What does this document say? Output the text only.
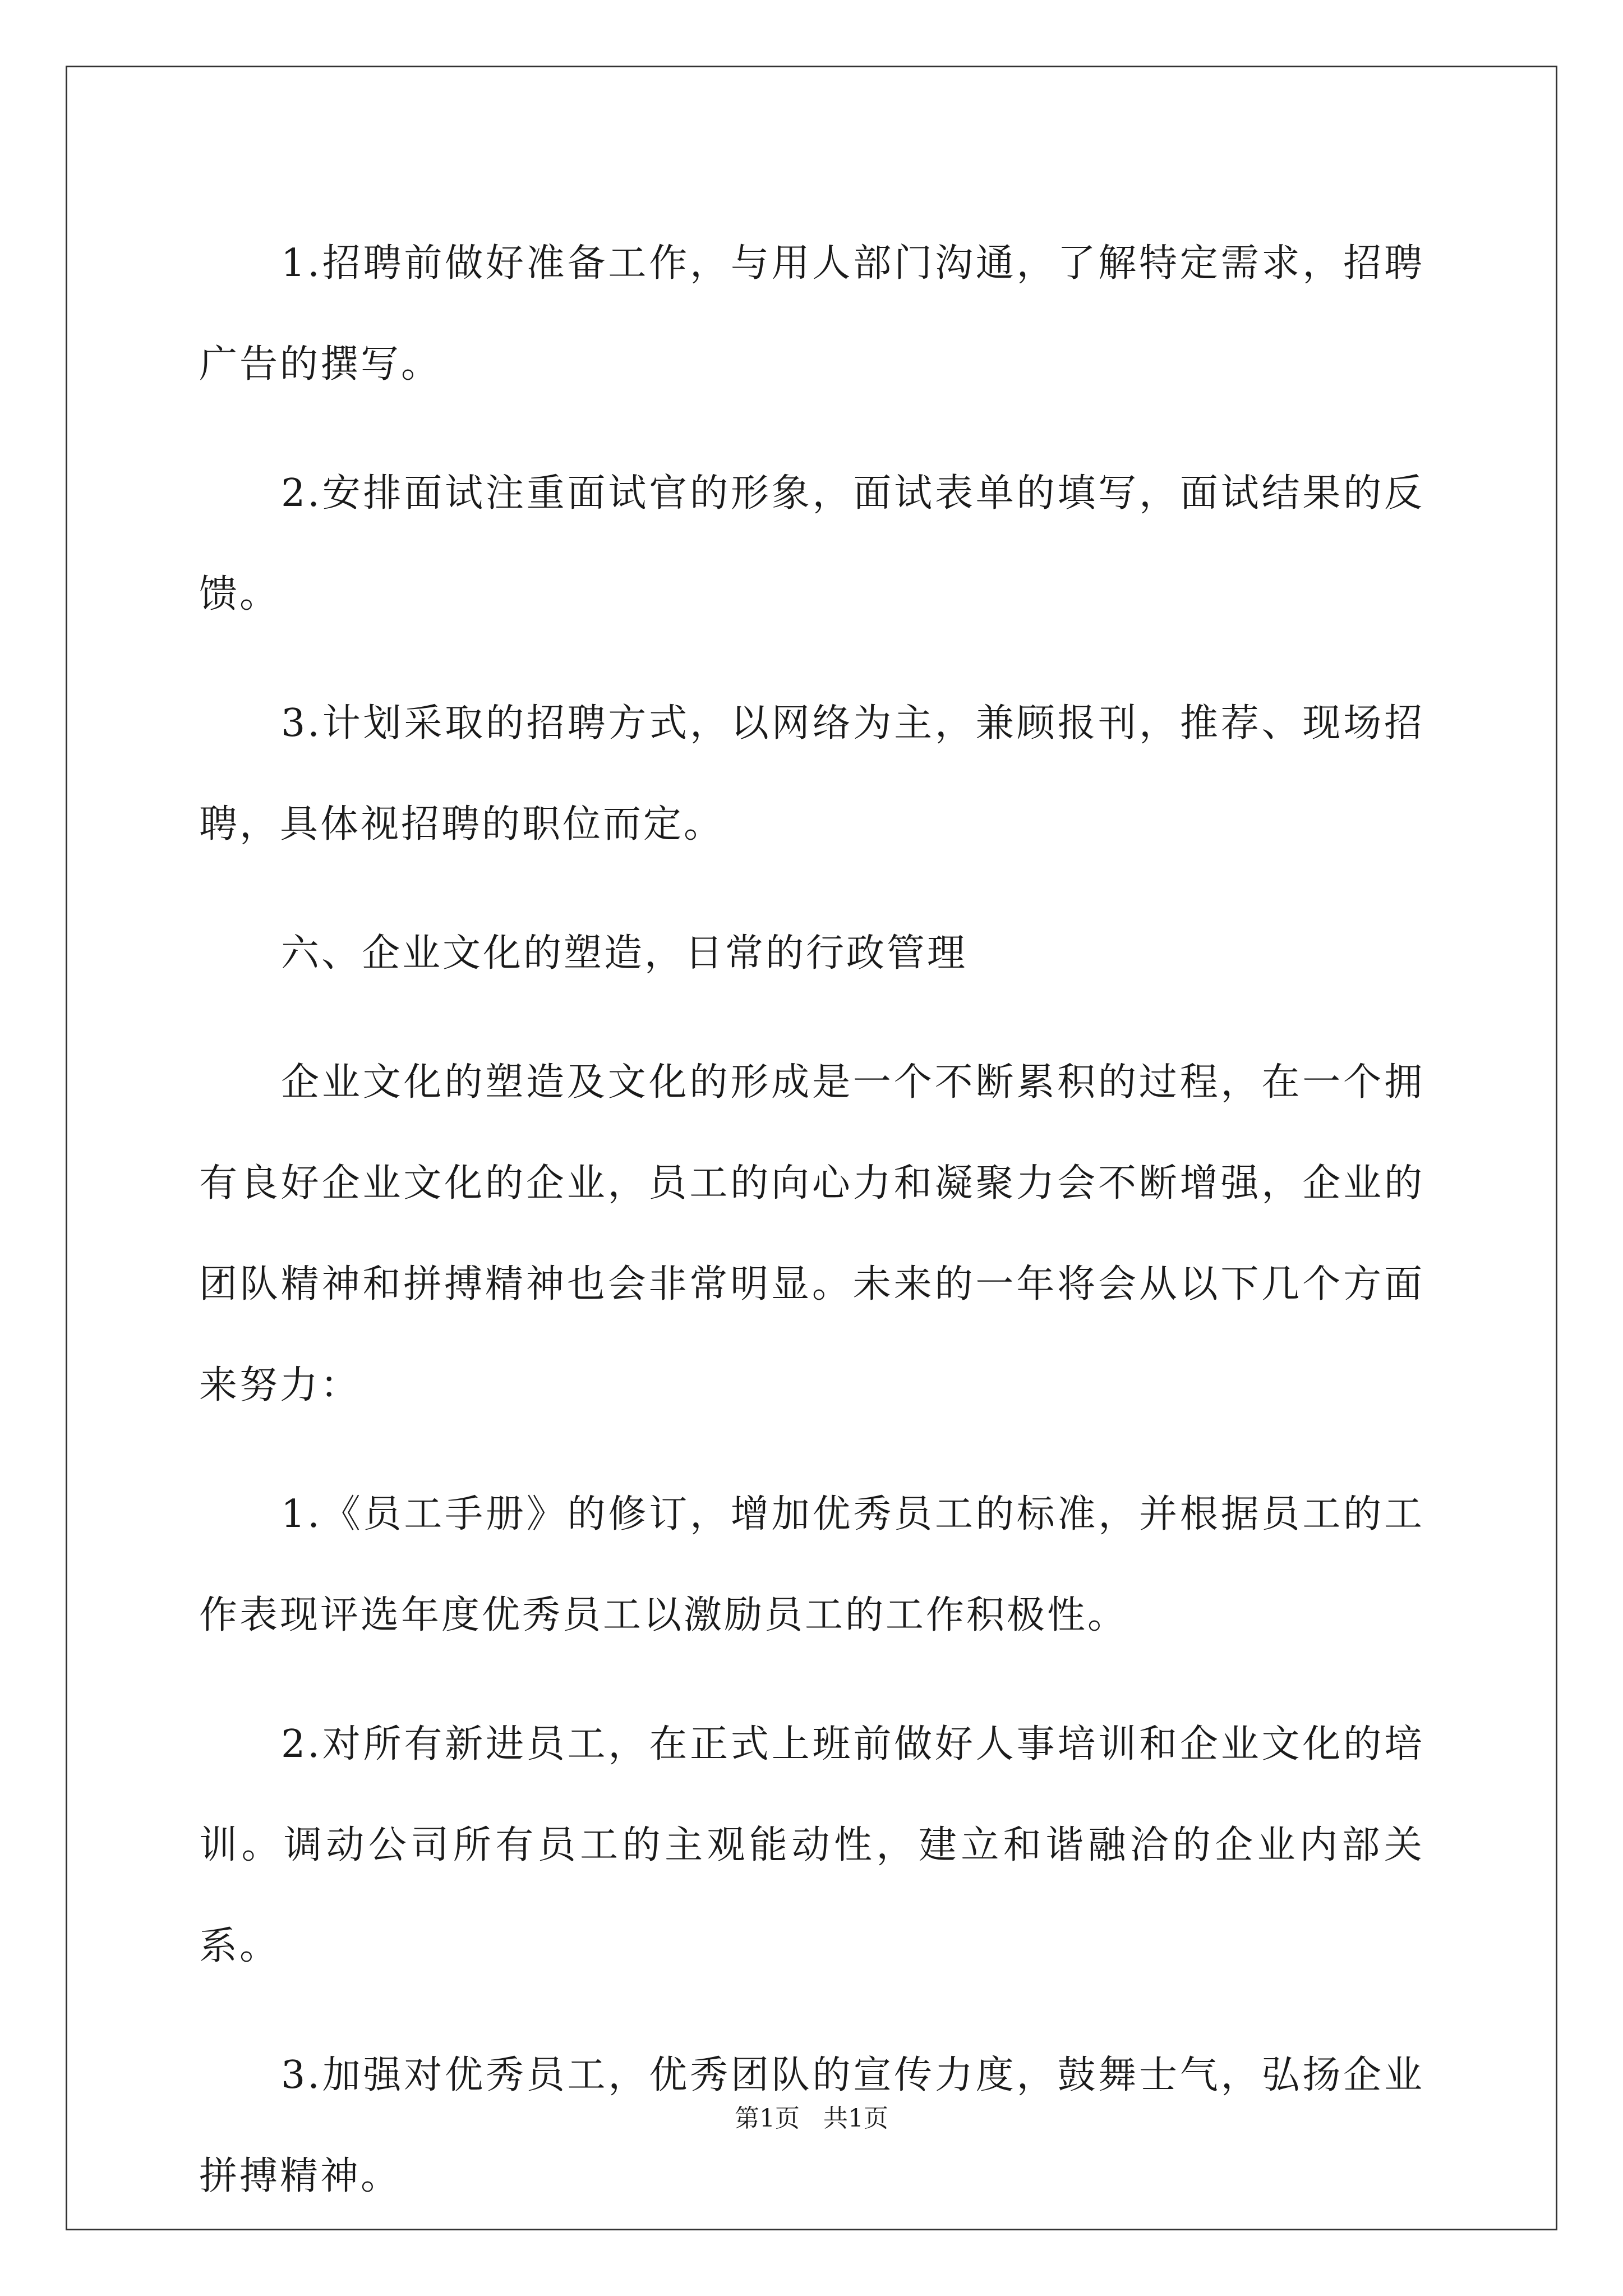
1.招聘前做好准备工作，与用人部门沟通，了解特定需求，招聘广告的撰写。

2.安排面试注重面试官的形象，面试表单的填写，面试结果的反馈。

3.计划采取的招聘方式，以网络为主，兼顾报刊，推荐、现场招聘，具体视招聘的职位而定。

六、企业文化的塑造，日常的行政管理

企业文化的塑造及文化的形成是一个不断累积的过程，在一个拥有良好企业文化的企业，员工的向心力和凝聚力会不断增强，企业的团队精神和拼搏精神也会非常明显。未来的一年将会从以下几个方面来努力：

1.《员工手册》的修订，增加优秀员工的标准，并根据员工的工作表现评选年度优秀员工以激励员工的工作积极性。

2.对所有新进员工，在正式上班前做好人事培训和企业文化的培训。调动公司所有员工的主观能动性，建立和谐融洽的企业内部关系。

3.加强对优秀员工，优秀团队的宣传力度，鼓舞士气，弘扬企业拼搏精神。

第1页   共1页
